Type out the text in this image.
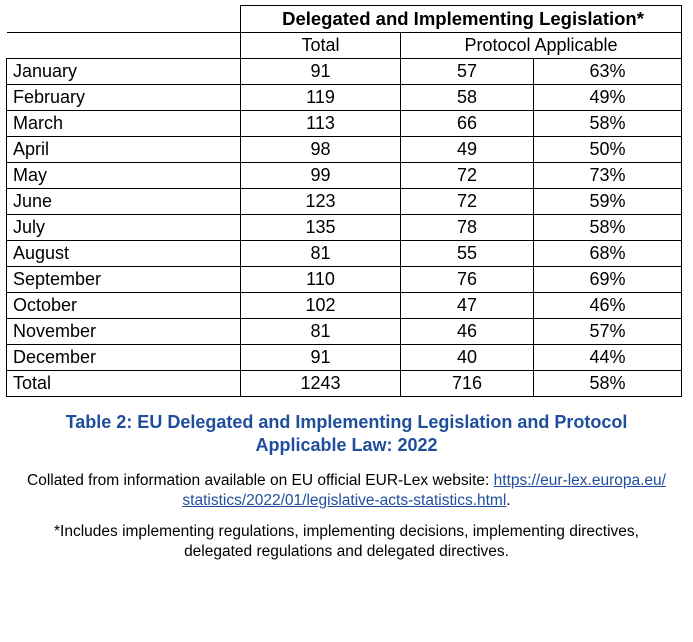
	Delegated and Implementing Legislation*		
	Total	Protocol Applicable	
January	91	57	63%
February	119	58	49%
March	113	66	58%
April	98	49	50%
May	99	72	73%
June	123	72	59%
July	135	78	58%
August	81	55	68%
September	110	76	69%
October	102	47	46%
November	81	46	57%
December	91	40	44%
Total	1243	716	58%
Table 2: EU Delegated and Implementing Legislation and Protocol Applicable Law: 2022
Collated from information available on EU official EUR-Lex website: https://eur-lex.europa.eu/statistics/2022/01/legislative-acts-statistics.html.
*Includes implementing regulations, implementing decisions, implementing directives, delegated regulations and delegated directives.
